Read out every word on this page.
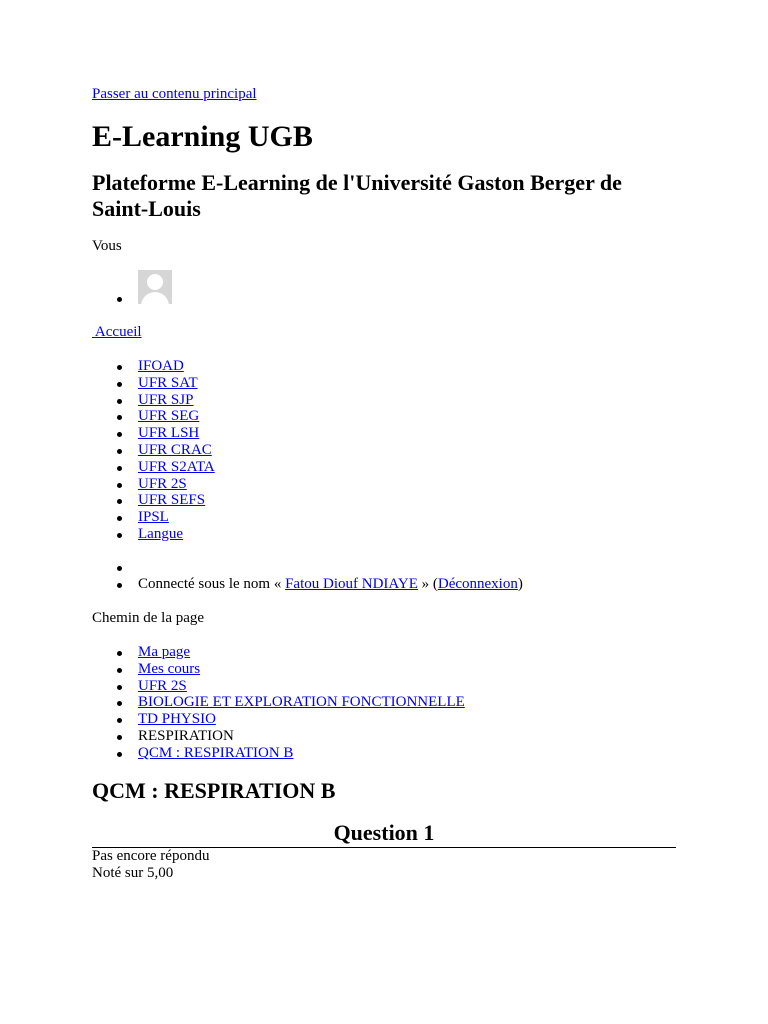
Passer au contenu principal
E-Learning UGB
Plateforme E-Learning de l'Université Gaston Berger de Saint-Louis
Vous
Accueil
IFOAD
UFR SAT
UFR SJP
UFR SEG
UFR LSH
UFR CRAC
UFR S2ATA
UFR 2S
UFR SEFS
IPSL
Langue
Connecté sous le nom « Fatou Diouf NDIAYE » (Déconnexion)
Chemin de la page
Ma page
Mes cours
UFR 2S
BIOLOGIE ET EXPLORATION FONCTIONNELLE
TD PHYSIO
RESPIRATION
QCM : RESPIRATION B
QCM : RESPIRATION B
Question 1
Pas encore répondu
Noté sur 5,00
